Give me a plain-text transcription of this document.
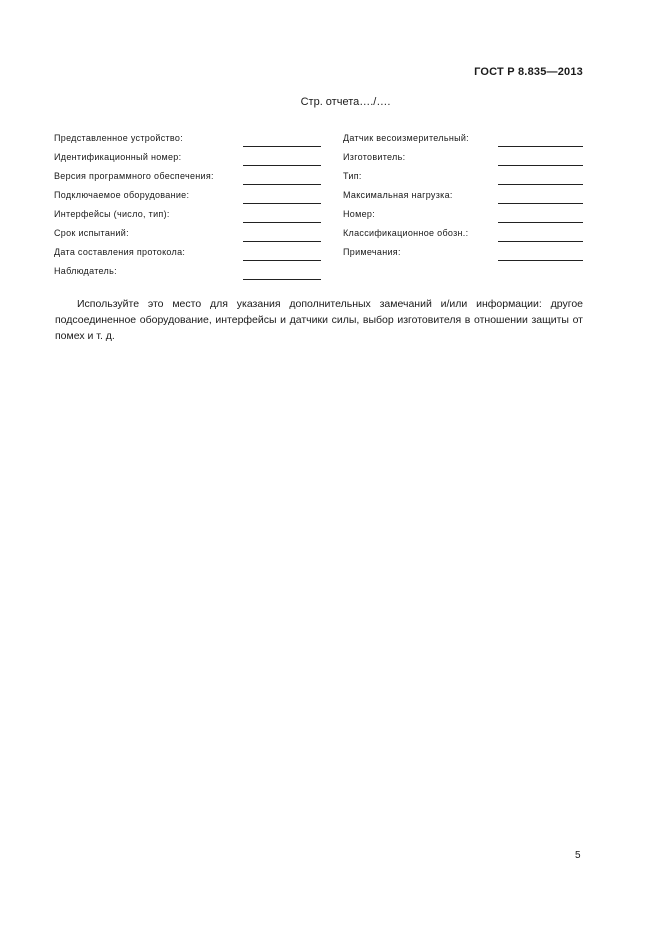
ГОСТ Р 8.835—2013
Стр. отчета…./….
Представленное устройство:
Идентификационный номер:
Версия программного обеспечения:
Подключаемое оборудование:
Интерфейсы (число, тип):
Срок испытаний:
Дата составления протокола:
Наблюдатель:
Датчик весоизмерительный:
Изготовитель:
Тип:
Максимальная нагрузка:
Номер:
Классификационное обозн.:
Примечания:

Используйте это место для указания дополнительных замечаний и/или информации: другое подсоединенное оборудование, интерфейсы и датчики силы, выбор изготовителя в отношении защиты от помех и т. д.

5
